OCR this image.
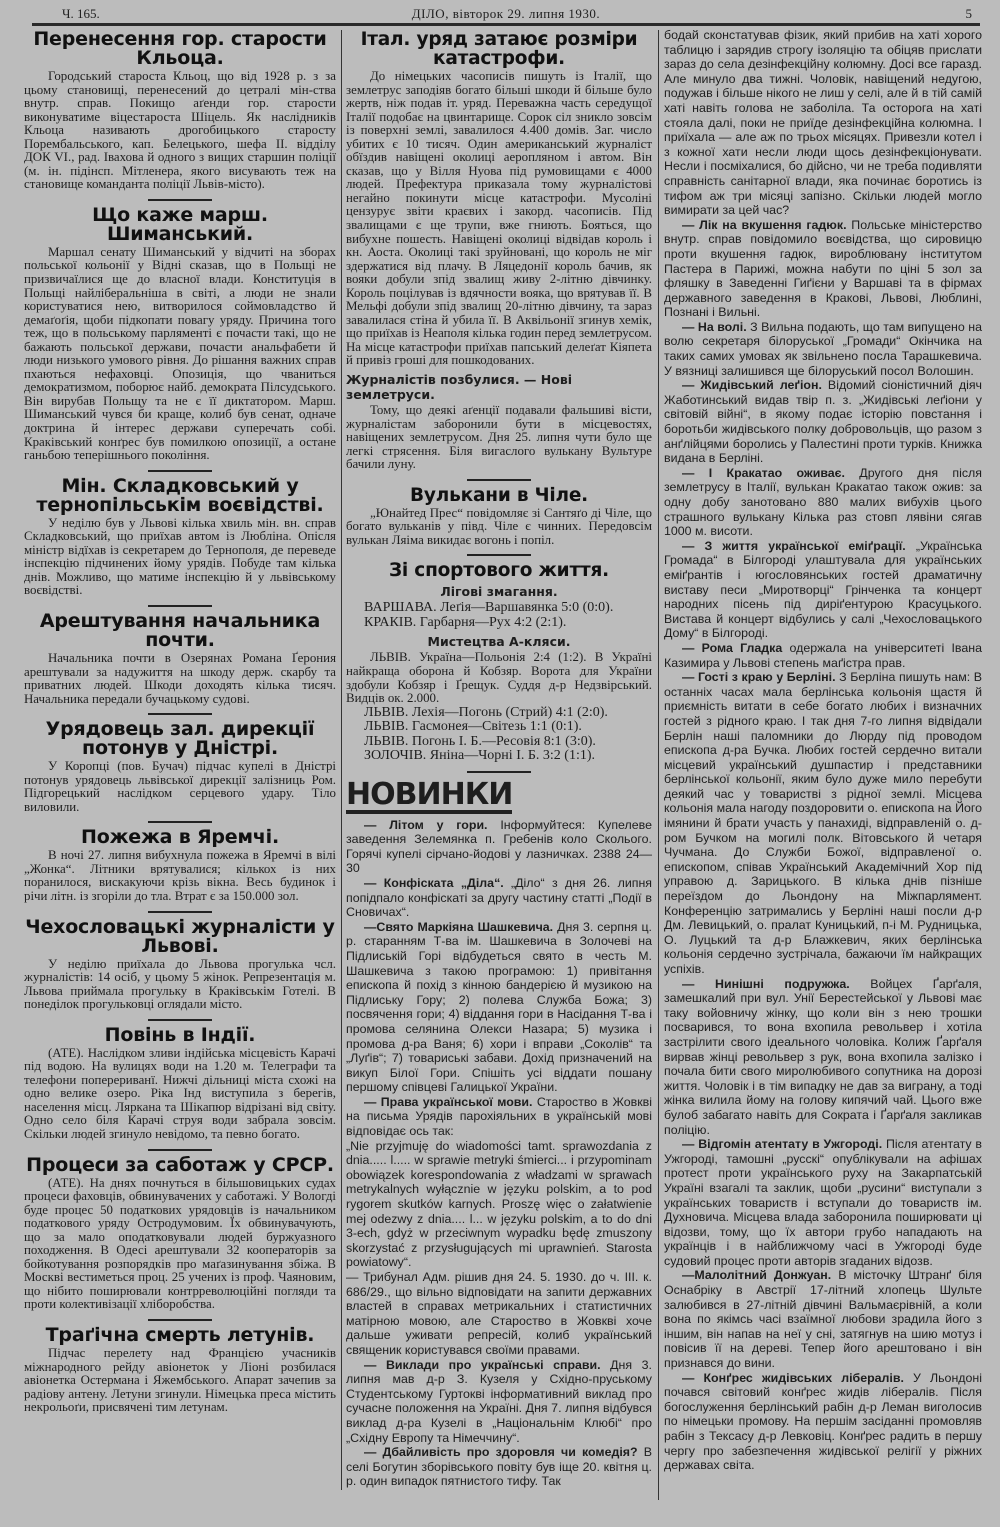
Ч. 165.	ДІЛО, вівторок 29. липня 1930.	5
Перенесення гор. старости Кльоца.

Городський староста Кльоц, що від 1928 р. з за цьому становищі, перенесений до цетралі мін-ства внутр. справ. Покищо аґенди гор. старости виконуватиме віцестароста Шіцель. Як наслідників Кльоца називають дрогобицького старосту Порембальського, кап. Белецького, шефа II. відділу ДОК VI., рад. Івахова й одного з вищих старшин поліції (м. ін. підінсп. Мітленера, якого висувають теж на становище команданта поліції Львів-місто).

Що каже марш. Шиманський.

Маршал сенату Шиманський у відчиті на зборах польської кольонії у Відні сказав, що в Польщі не призвичаїлися ще до власної влади. Конституція в Польщі найліберальніша в світі, а люди не знали користуватися нею, витворилося соймовладство й демаґоґія, щоби підкопати повагу уряду. Причина того теж, що в польському парляменті є почасти такі, що не бажають польської держави, почасти анальфабети й люди низького умового рівня. До рішання важних справ пхаються нефаховці. Опозиція, що чваниться демократизмом, поборює найб. демократа Пілсудського. Він вирубав Польщу та не є її диктатором. Марш. Шиманський чувся би краще, колиб був сенат, одначе доктрина й інтерес держави суперечать собі. Краківський конґрес був помилкою опозиції, а остане ганьбою теперішнього покоління.

Мін. Складковський у тернопільськім воєвідстві.

У неділю був у Львові кілька хвиль мін. вн. справ Складковський, що приїхав автом із Любліна. Опісля міністр відїхав із секретарем до Тернополя, де переведе інспекцію підчинених йому урядів. Побуде там кілька днів. Можливо, що матиме інспекцію й у львівському воєвідстві.

Арештування начальника почти.

Начальника почти в Озерянах Романа Ґерония арештували за надужиття на шкоду держ. скарбу та приватних людей. Шкоди доходять кілька тисяч. Начальника передали бучацькому судові.

Урядовець зал. дирекції потонув у Дністрі.

У Коропці (пов. Бучач) підчас купелі в Дністрі потонув урядовець львівської дирекції залізниць Ром. Підгорецький наслідком серцевого удару. Тіло виловили.

Пожежа в Яремчі.

В ночі 27. липня вибухнула пожежа в Яремчі в вілі „Жонка“. Літники врятувалися; кількох із них поранилося, вискакуючи крізь вікна. Весь будинок і річи літн. із згоріли до тла. Втрат є за 150.000 зол.

Чехословацькі журналісти у Львові.

У неділю приїхала до Львова прогулька чсл. журналістів: 14 осіб, у цьому 5 жінок. Репрезентація м. Львова приймала прогульку в Краківськім Готелі. В понеділок прогульковці оглядали місто.

Повінь в Індії.

(АТЕ). Наслідком зливи індійська місцевість Карачі під водою. На вулицях води на 1.20 м. Телеграфи та телефони поперериванї. Нижчі дільниці міста схожі на одно велике озеро. Ріка Інд виступила з берегів, населення місц. Ляркана та Шікапюр відрізані від світу. Одно село біля Карачі струя води забрала зовсім. Скільки людей згинуло невідомо, та певно богато.

Процеси за саботаж у СРСР.

(АТЕ). На днях почнуться в більшовицьких судах процеси фаховців, обвинувачених у саботажі. У Вологді буде процес 50 податкових урядовців із начальником податкового уряду Остродумовим. Їх обвинувачують, що за мало оподатковували людей буржуазного походження. В Одесі арештували 32 кооператорів за бойкотування розпорядків про маґазинування збіжа. В Москві вестиметься проц. 25 учених із проф. Чаяновим, що нібито поширювали контрреволюційні погляди та проти колективізації хліборобства.

Траґічна смерть летунів.

Підчас перелету над Францією учасників міжнародного рейду авіонеток у Ліоні розбилася авіонетка Остермана і Яжембського. Апарат зачепив за радіову антену. Летуни згинули. Німецька преса містить некрольоґи, присвячені тим летунам.

Італ. уряд затаює розміри катастрофи.

До німецьких часописів пишуть із Італії, що землетрус заподіяв богато більші шкоди й більше було жертв, ніж подав іт. уряд. Переважна часть середущої Італії подобає на цвинтарище. Сорок сіл зникло зовсім із поверхні землі, завалилося 4.400 домів. Заг. число убитих є 10 тисяч. Один американський журналіст обїздив навіщені околиці аеропляном і автом. Він сказав, що у Вілля Нуова під румовищами є 4000 людей. Префектура приказала тому журналістові негайно покинути місце катастрофи. Мусоліні цензурує звіти краєвих і закорд. часописів. Під звалищами є ще трупи, вже гниють. Бояться, що вибухне пошесть. Навіщені околиці відвідав король і кн. Аоста. Околиці такі зруйновані, що король не міг здержатися від плачу. В Ляцедонії король бачив, як вояки добули зпід звалищ живу 2-літню дівчинку. Король поцілував із вдячности вояка, що врятував її. В Мельфі добули зпід звалищ 20-літню дівчину, та зараз завалилася стіна й убила її. В Аквільонії згинув хемік, що приїхав із Неаполя кілька годин перед землетрусом. На місце катастрофи приїхав папський делеґат Кіяпета й привіз гроші для пошкодованих.

Журналістів позбулися. — Нові землетруси.

Тому, що деякі аґенції подавали фальшиві вісти, журналістам заборонили бути в місцевостях, навіщених землетрусом. Дня 25. липня чути було ще легкі стрясення. Біля вигаслого вулькану Вультуре бачили луну.

Вулькани в Чіле.

„Юнайтед Прес“ повідомляє зі Сантяґо ді Чіле, що богато вульканів у півд. Чіле є чинних. Передовсім вулькан Ляіма викидає вогонь і попіл.

Зі спортового життя.
Лігові змагання.

ВАРШАВА. Леґія—Варшавянка 5:0 (0:0).

КРАКІВ. Гарбарня—Рух 4:2 (2:1).

Мистецтва А-кляси.

ЛЬВІВ. Україна—Польонія 2:4 (1:2). В Україні найкраща оборона й Кобзяр. Ворота для України здобули Кобзяр і Ґрещук. Суддя д-р Недзвірський. Видців ок. 2.000.

ЛЬВІВ. Лехія—Погонь (Стрий) 4:1 (2:0).

ЛЬВІВ. Гасмонея—Світезь 1:1 (0:1).

ЛЬВІВ. Погонь І. Б.—Ресовія 8:1 (3:0).

ЗОЛОЧІВ. Яніна—Чорні І. Б. 3:2 (1:1).

НОВИНКИ

— Літом у гори. Інформуйтеся: Купелеве заведення Зелемянка п. Гребенів коло Сколього. Горячі купелі сірчано-йодові у лазничках. 2388 24—30

— Конфіската „Діла“. „Діло“ з дня 26. липня попідпало конфіскаті за другу частину статті „Події в Сновичах“.

—Свято Маркіяна Шашкевича. Дня 3. серпня ц. р. старанням Т-ва ім. Шашкевича в Золочеві на Підлиській Горі відбудеться свято в честь М. Шашкевича з такою програмою: 1) привітання епископа й похід з кінною бандерією й музикою на Підлиську Гору; 2) полева Служба Божа; 3) посвячення гори; 4) віддання гори в Насідання Т-ва і промова селянина Олекси Назара; 5) музика і промова д-ра Ваня; 6) хори і вправи „Соколів“ та „Луґів“; 7) товариські забави. Дохід призначений на викуп Білої Гори. Спішіть усі віддати пошану першому співцеві Галицької України.

— Права української мови. Староство в Жовкві на письма Урядів парохіяльних в українській мові відповідає ось так:

„Nie przyjmuję do wiadomości tamt. sprawozdania z dnia..... l..... w sprawie metryki śmierci... i przypominam obowiązek korespondowania z władzami w sprawach metrykalnych wyłącznie w języku polskim, a to pod rygorem skutków karnych. Proszę więc o załatwienie mej odezwy z dnia.... l... w języku polskim, a to do dni 3-ech, gdyż w przeciwnym wypadku będę zmuszony skorzystać z przysługujących mi uprawnień. Starosta powiatowy“.

— Трибунал Адм. рішив дня 24. 5. 1930. до ч. III. к. 686/29., що вільно відповідати на запити державних властей в справах метрикальних і статистичних матірною мовою, але Староство в Жовкві хоче дальше уживати репресій, колиб український священик користувався своїми правами.

— Виклади про українські справи. Дня 3. липня мав д-р З. Кузеля у Східно-пруському Студентському Гуртокві інформативний виклад про сучасне положення на Україні. Дня 7. липня відбувся виклад д-ра Кузелі в „Національнім Клюбі“ про „Східну Европу та Німеччину“.

— Дбайливість про здоровля чи комедія? В селі Богутин зборівського повіту був іще 20. квітня ц. р. один випадок пятнистого тифу. Так

бодай сконстатував фізик, який прибив на хаті хорого таблицю і зарядив строгу ізоляцію та обіцяв прислати зараз до села дезінфекційну колюмну. Досі все гаразд. Але минуло два тижні. Чоловік, навіщений недугою, подужав і більше нікого не лиш у селі, але й в тій самій хаті навіть голова не заболіла. Та осторога на хаті стояла далі, поки не приїде дезінфекційна колюмна. І приїхала — але аж по трьох місяцях. Привезли котел і з кожної хати несли люди щось дезінфекціонувати. Несли і посміхалися, бо дійсно, чи не треба подивляти справність санітарної влади, яка починає боротись із тифом аж три місяці запізно. Скільки людей могло вимирати за цей час?

— Лік на вкушення гадюк. Польське міністерство внутр. справ повідомило воєвідства, що сировицю проти вкушення гадюк, вироблювану інститутом Пастера в Парижі, можна набути по ціні 5 зол за фляшку в Заведенні Гиґієни у Варшаві та в фірмах державного заведення в Кракові, Львові, Люблині, Познані і Вильні.

— На волі. З Вильна подають, що там випущено на волю секретаря білоруської „Громади“ Окінчика на таких самих умовах як звільнено посла Тарашкевича. У вязниці залишився ще білоруський посол Волошин.

— Жидівський леґіон. Відомий сіоністичний діяч Жаботинський видав твір п. з. „Жидівські леґіони у світовій війні“, в якому подає історію повстання і боротьби жидівського полку добровольців, що разом з анґлійцями боролись у Палестині проти турків. Книжка видана в Берліні.

— І Кракатао оживає. Другого дня після землетрусу в Італії, вулькан Кракатао також ожив: за одну добу занотовано 880 малих вибухів цього страшного вулькану Кілька раз стовп лявіни сягав 1000 м. висоти.

— З життя української еміґрації. „Українська Громада“ в Білгороді улаштувала для українських еміґрантів і югословянських гостей драматичну виставу песи „Миротворці“ Грінченка та концерт народних пісень під диріґентурою Красуцького. Вистава й концерт відбулись у салі „Чехословацького Дому“ в Білгороді.

— Рома Гладка одержала на університеті Івана Казимира у Львові степень маґістра прав.

— Гості з краю у Берліні. З Берліна пишуть нам: В останніх часах мала берлінська кольонія щастя й приємність витати в себе богато любих і визначних гостей з рідного краю. І так дня 7-го липня відвідали Берлін наші паломники до Люрду під проводом епископа д-ра Бучка. Любих гостей сердечно витали місцевий український душпастир і представники берлінської кольонії, яким було дуже мило перебути деякий час у товаристві з рідної землі. Місцева кольонія мала нагоду поздоровити о. епископа на Його імянини й брати участь у панахиді, відправленій о. д-ром Бучком на могилі полк. Вітовського й четаря Чучмана. До Служби Божої, відправленої о. епископом, співав Український Академічний Хор під управою д. Зарицького. В кілька днів пізніше переїздом до Льондону на Міжпарлямент. Конференцію затримались у Берліні наші посли д-р Дм. Левицький, о. пралат Куницький, п-і М. Рудницька, О. Луцький та д-р Блажкевич, яких берлінська кольонія сердечно зустрічала, бажаючи їм найкращих успіхів.

— Нинішні подружжа. Войцех Ґарґаля, замешкалий при вул. Унії Берестейської у Львові має таку войовничу жінку, що коли він з нею трошки посварився, то вона вхопила револьвер і хотіла застрілити свого ідеального чоловіка. Колиж Ґарґаля вирвав жінці револьвер з рук, вона вхопила залізко і почала бити свого миролюбивого сопутника на дорозі життя. Чоловік і в тім випадку не дав за виграну, а тоді жінка вилила йому на голову кипячий чай. Цього вже булоб забагато навіть для Сократа і Ґарґаля закликав поліцію.

— Відгомін атентату в Ужгороді. Після атентату в Ужгороді, тамошні „русскі“ опублікували на афішах протест проти українського руху на Закарпатській Україні взагалі та заклик, щоби „русини“ виступали з українських товариств і вступали до товариств ім. Духновича. Місцева влада заборонила поширювати ці відозви, тому, що їх автори грубо нападають на українців і в найближчому часі в Ужгороді буде судовий процес проти авторів згаданих відозв.

—Малолітний Донжуан. В місточку Штранґ біля Оснабріку в Австрії 17-літний хлопець Шульте залюбився в 27-літній дівчині Вальмаєрівній, а коли вона по якімсь часі взаїмної любови зрадила його з іншим, він напав на неї у сні, затягнув на шию мотуз і повісив її на дереві. Тепер його арештовано і він признався до вини.

— Конґрес жидівських лібералів. У Льондоні почався світовий конґрес жидів лібералів. Після богослуження берлінський рабін д-р Леман виголосив по німецьки промову. На першім засіданні промовляв рабін з Тексасу д-р Левковіц. Конґрес радить в першу чергу про забезпечення жидівської релігії у ріжних державах світа.
